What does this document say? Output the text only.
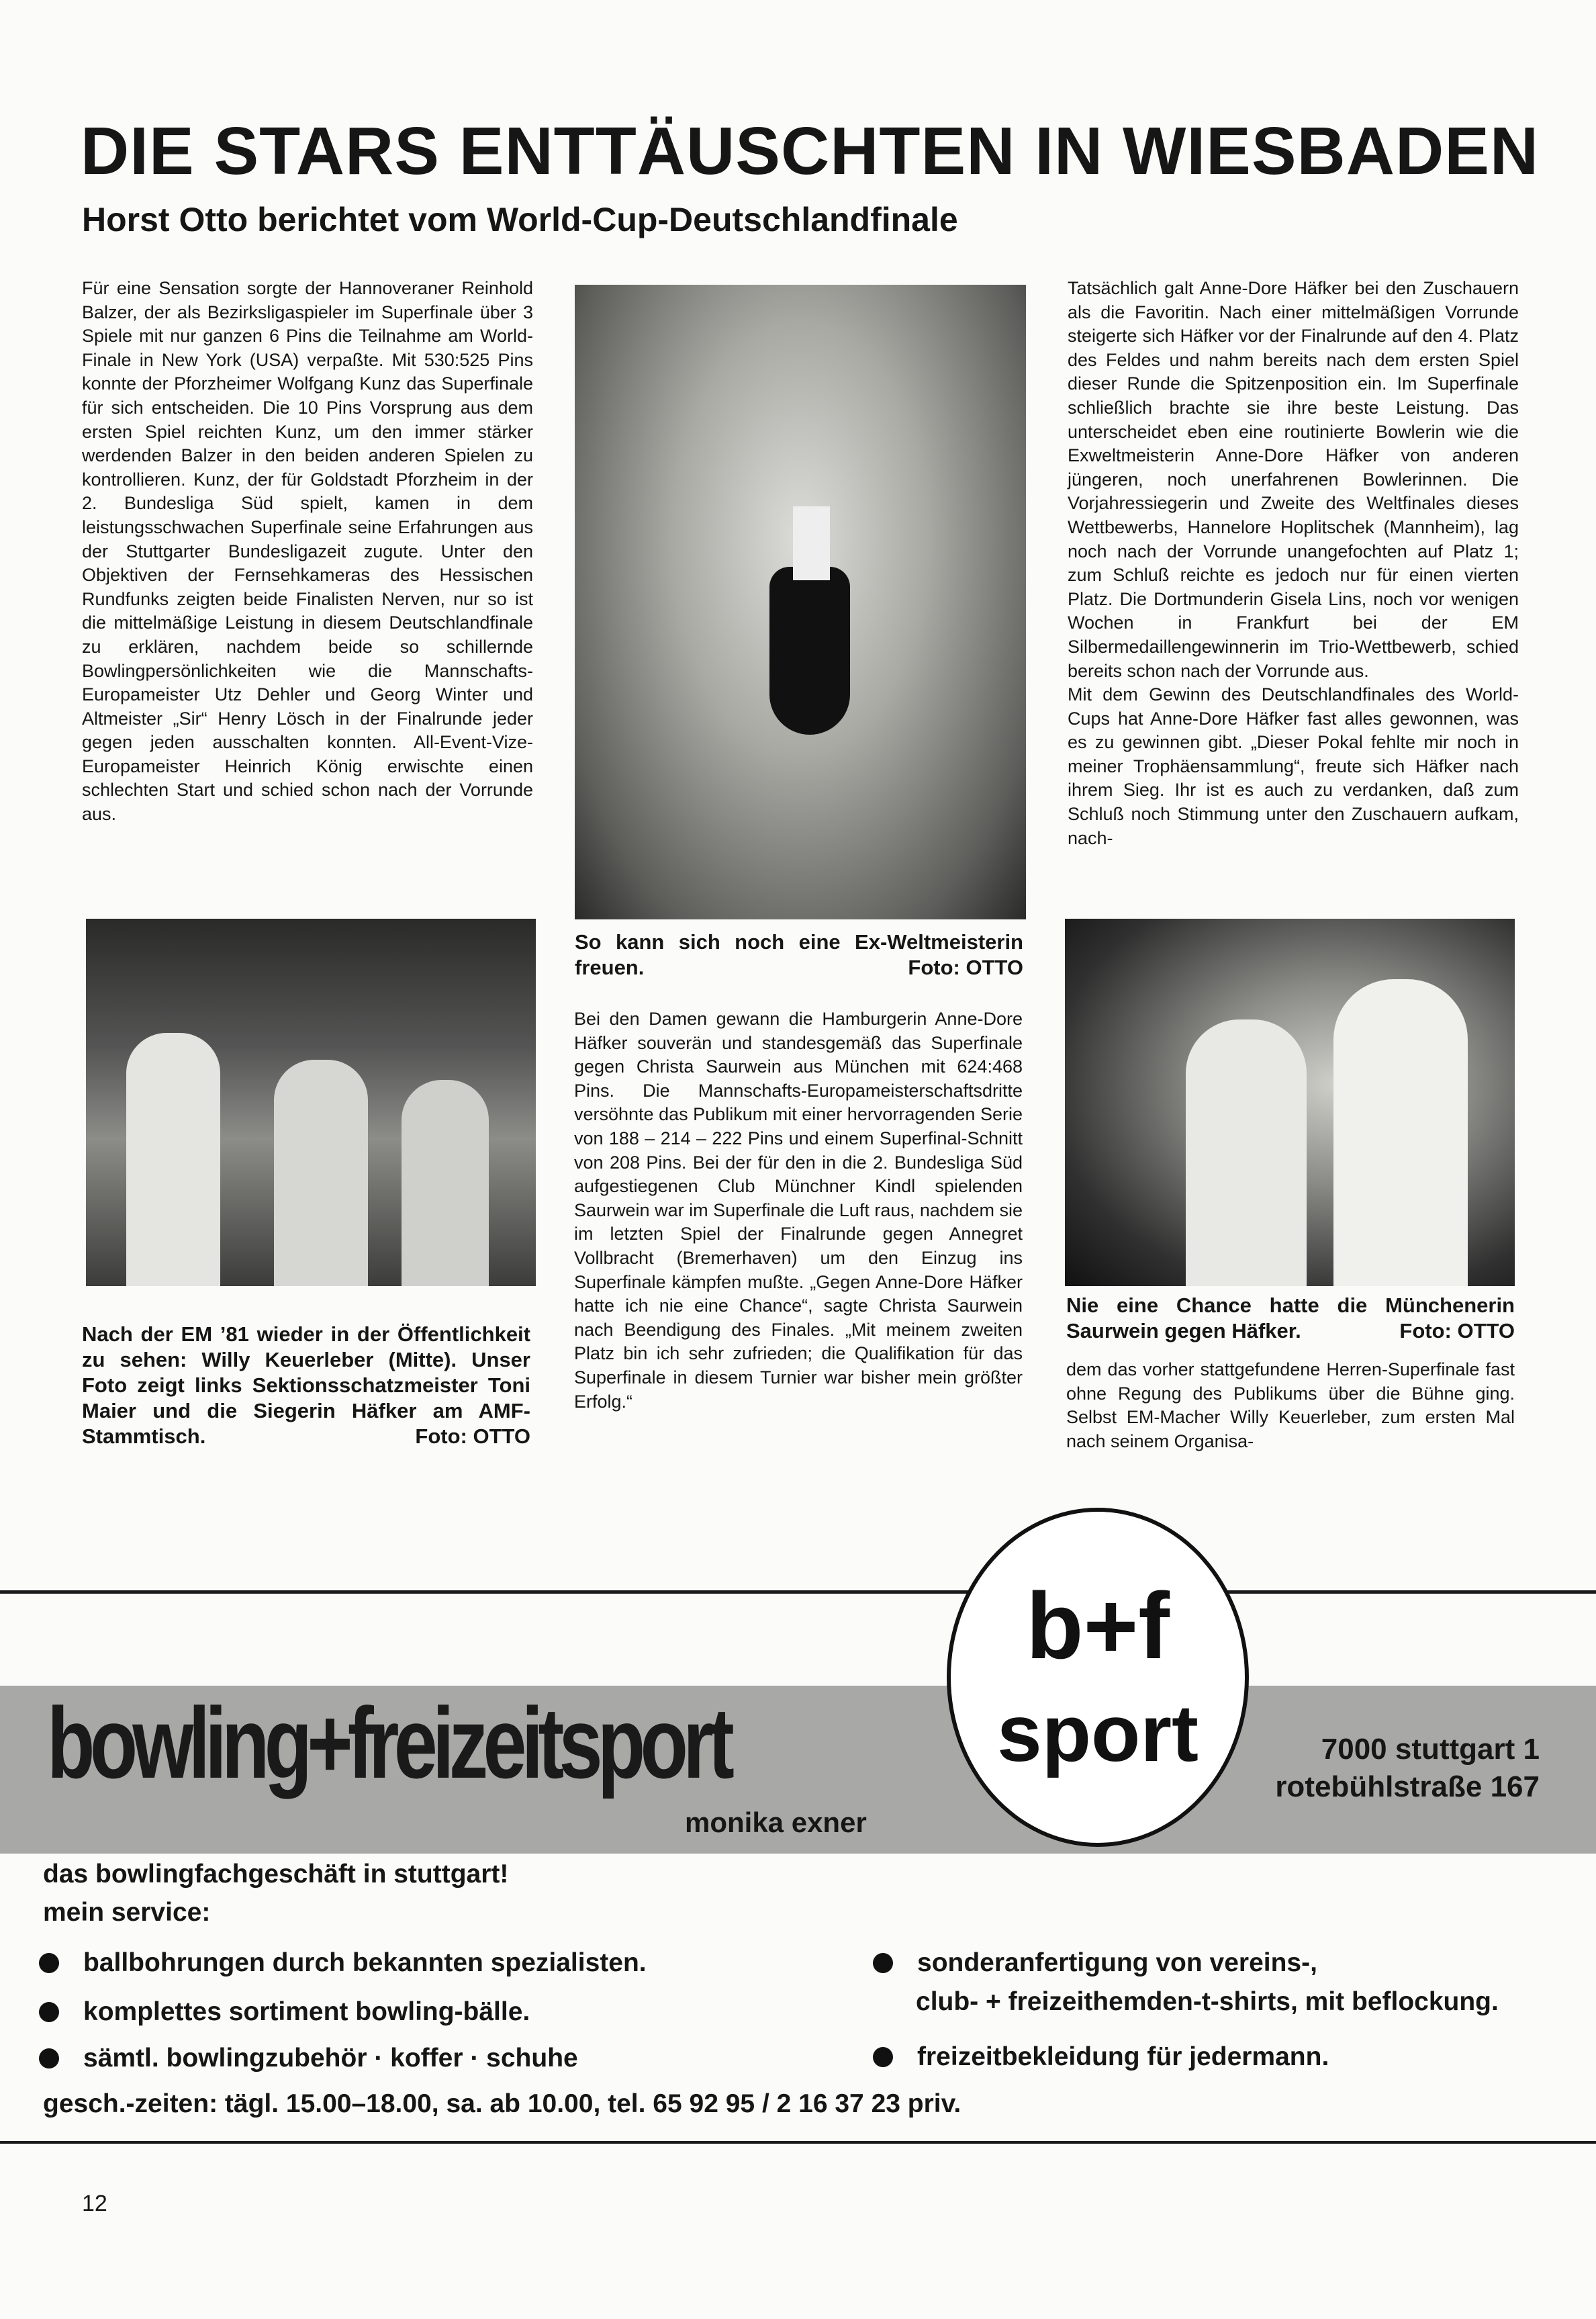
DIE STARS ENTTÄUSCHTEN IN WIESBADEN
Horst Otto berichtet vom World-Cup-Deutschlandfinale
Für eine Sensation sorgte der Hannoveraner Reinhold Balzer, der als Bezirksligaspieler im Superfinale über 3 Spiele mit nur ganzen 6 Pins die Teilnahme am World-Finale in New York (USA) verpaßte. Mit 530:525 Pins konnte der Pforzheimer Wolfgang Kunz das Superfinale für sich entscheiden. Die 10 Pins Vorsprung aus dem ersten Spiel reichten Kunz, um den immer stärker werdenden Balzer in den beiden anderen Spielen zu kontrollieren. Kunz, der für Goldstadt Pforzheim in der 2. Bundesliga Süd spielt, kamen in dem leistungsschwachen Superfinale seine Erfahrungen aus der Stuttgarter Bundesligazeit zugute. Unter den Objektiven der Fernsehkameras des Hessischen Rundfunks zeigten beide Finalisten Nerven, nur so ist die mittelmäßige Leistung in diesem Deutschlandfinale zu erklären, nachdem beide so schillernde Bowlingpersönlichkeiten wie die Mannschafts-Europameister Utz Dehler und Georg Winter und Altmeister „Sir“ Henry Lösch in der Finalrunde jeder gegen jeden ausschalten konnten. All-Event-Vize-Europameister Heinrich König erwischte einen schlechten Start und schied schon nach der Vorrunde aus.

Tatsächlich galt Anne-Dore Häfker bei den Zuschauern als die Favoritin. Nach einer mittelmäßigen Vorrunde steigerte sich Häfker vor der Finalrunde auf den 4. Platz des Feldes und nahm bereits nach dem ersten Spiel dieser Runde die Spitzenposition ein. Im Superfinale schließlich brachte sie ihre beste Leistung. Das unterscheidet eben eine routinierte Bowlerin wie die Exweltmeisterin Anne-Dore Häfker von anderen jüngeren, noch unerfahrenen Bowlerinnen. Die Vorjahressiegerin und Zweite des Weltfinales dieses Wettbewerbs, Hannelore Hoplitschek (Mannheim), lag noch nach der Vorrunde unangefochten auf Platz 1; zum Schluß reichte es jedoch nur für einen vierten Platz. Die Dortmunderin Gisela Lins, noch vor wenigen Wochen in Frankfurt bei der EM Silbermedaillengewinnerin im Trio-Wettbewerb, schied bereits schon nach der Vorrunde aus.

Mit dem Gewinn des Deutschlandfinales des World-Cups hat Anne-Dore Häfker fast alles gewonnen, was es zu gewinnen gibt. „Dieser Pokal fehlte mir noch in meiner Trophäensammlung“, freute sich Häfker nach ihrem Sieg. Ihr ist es auch zu verdanken, daß zum Schluß noch Stimmung unter den Zuschauern aufkam, nach-

Nach der EM ’81 wieder in der Öffentlichkeit zu sehen: Willy Keuerleber (Mitte). Unser Foto zeigt links Sektionsschatzmeister Toni Maier und die Siegerin Häfker am AMF-Stammtisch.	Foto: OTTO
So kann sich noch eine Ex-Weltmeisterin freuen.	Foto: OTTO
Bei den Damen gewann die Hamburgerin Anne-Dore Häfker souverän und standesgemäß das Superfinale gegen Christa Saurwein aus München mit 624:468 Pins. Die Mannschafts-Europameisterschaftsdritte versöhnte das Publikum mit einer hervorragenden Serie von 188 – 214 – 222 Pins und einem Superfinal-Schnitt von 208 Pins. Bei der für den in die 2. Bundesliga Süd aufgestiegenen Club Münchner Kindl spielenden Saurwein war im Superfinale die Luft raus, nachdem sie im letzten Spiel der Finalrunde gegen Annegret Vollbracht (Bremerhaven) um den Einzug ins Superfinale kämpfen mußte. „Gegen Anne-Dore Häfker hatte ich nie eine Chance“, sagte Christa Saurwein nach Beendigung des Finales. „Mit meinem zweiten Platz bin ich sehr zufrieden; die Qualifikation für das Superfinale in diesem Turnier war bisher mein größter Erfolg.“
Nie eine Chance hatte die Münchenerin Saurwein gegen Häfker.	Foto: OTTO
dem das vorher stattgefundene Herren-Superfinale fast ohne Regung des Publikums über die Bühne ging. Selbst EM-Macher Willy Keuerleber, zum ersten Mal nach seinem Organisa-
bowling+freizeitsport
monika exner
b+f
sport	7000 stuttgart 1
rotebühlstraße 167
das bowlingfachgeschäft in stuttgart!
mein service:
ballbohrungen durch bekannten spezialisten.
komplettes sortiment bowling-bälle.
sämtl. bowlingzubehör · koffer · schuhe
sonderanfertigung von vereins-,
club- + freizeithemden-t-shirts, mit beflockung.
freizeitbekleidung für jedermann.
gesch.-zeiten: tägl. 15.00–18.00, sa. ab 10.00, tel. 65 92 95 / 2 16 37 23 priv.
12
